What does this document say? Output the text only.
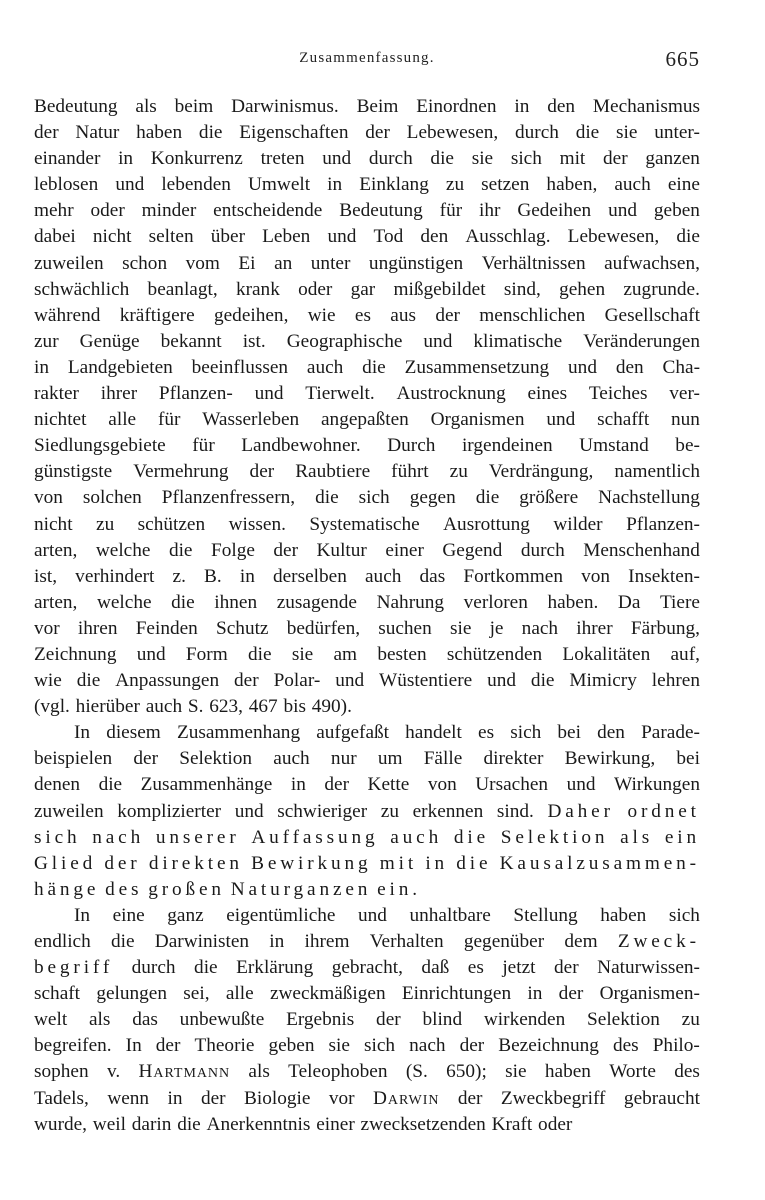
Zusammenfassung.	665
Bedeutung als beim Darwinismus. Beim Einordnen in den Mechanismus
der Natur haben die Eigenschaften der Lebewesen, durch die sie unter-
einander in Konkurrenz treten und durch die sie sich mit der ganzen
leblosen und lebenden Umwelt in Einklang zu setzen haben, auch eine
mehr oder minder entscheidende Bedeutung für ihr Gedeihen und geben
dabei nicht selten über Leben und Tod den Ausschlag. Lebewesen, die
zuweilen schon vom Ei an unter ungünstigen Verhältnissen aufwachsen,
schwächlich beanlagt, krank oder gar mißgebildet sind, gehen zugrunde.
während kräftigere gedeihen, wie es aus der menschlichen Gesellschaft
zur Genüge bekannt ist. Geographische und klimatische Veränderungen
in Landgebieten beeinflussen auch die Zusammensetzung und den Cha-
rakter ihrer Pflanzen- und Tierwelt. Austrocknung eines Teiches ver-
nichtet alle für Wasserleben angepaßten Organismen und schafft nun
Siedlungsgebiete für Landbewohner. Durch irgendeinen Umstand be-
günstigste Vermehrung der Raubtiere führt zu Verdrängung, namentlich
von solchen Pflanzenfressern, die sich gegen die größere Nachstellung
nicht zu schützen wissen. Systematische Ausrottung wilder Pflanzen-
arten, welche die Folge der Kultur einer Gegend durch Menschenhand
ist, verhindert z. B. in derselben auch das Fortkommen von Insekten-
arten, welche die ihnen zusagende Nahrung verloren haben. Da Tiere
vor ihren Feinden Schutz bedürfen, suchen sie je nach ihrer Färbung,
Zeichnung und Form die sie am besten schützenden Lokalitäten auf,
wie die Anpassungen der Polar- und Wüstentiere und die Mimicry lehren
(vgl. hierüber auch S. 623, 467 bis 490).
In diesem Zusammenhang aufgefaßt handelt es sich bei den Parade-
beispielen der Selektion auch nur um Fälle direkter Bewirkung, bei
denen die Zusammenhänge in der Kette von Ursachen und Wirkungen
zuweilen komplizierter und schwieriger zu erkennen sind. Daher ordnet
sich nach unserer Auffassung auch die Selektion als ein
Glied der direkten Bewirkung mit in die Kausalzusammen-
hänge des großen Naturganzen ein.
In eine ganz eigentümliche und unhaltbare Stellung haben sich
endlich die Darwinisten in ihrem Verhalten gegenüber dem Zweck-
begriff durch die Erklärung gebracht, daß es jetzt der Naturwissen-
schaft gelungen sei, alle zweckmäßigen Einrichtungen in der Organismen-
welt als das unbewußte Ergebnis der blind wirkenden Selektion zu
begreifen. In der Theorie geben sie sich nach der Bezeichnung des Philo-
sophen v. Hartmann als Teleophoben (S. 650); sie haben Worte des
Tadels, wenn in der Biologie vor Darwin der Zweckbegriff gebraucht
wurde, weil darin die Anerkenntnis einer zwecksetzenden Kraft oder
